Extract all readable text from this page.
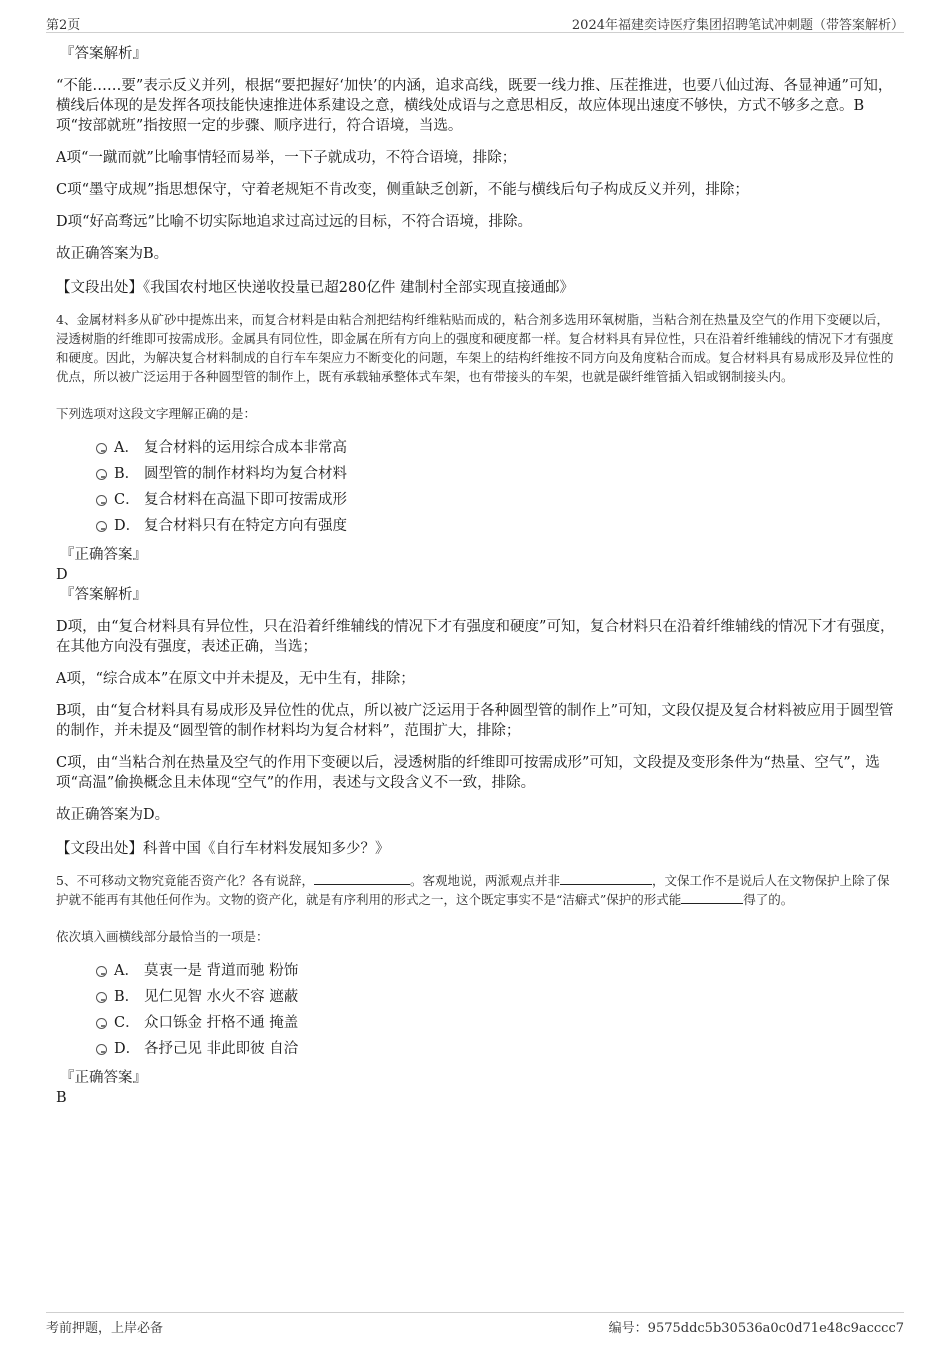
第2页	2024年福建奕诗医疗集团招聘笔试冲刺题（带答案解析）

『答案解析』

“不能……要”表示反义并列，根据“要把握好‘加快’的内涵，追求高线，既要一线力推、压茬推进，也要八仙过海、各显神通”可知，横线后体现的是发挥各项技能快速推进体系建设之意，横线处成语与之意思相反，故应体现出速度不够快，方式不够多之意。B项“按部就班”指按照一定的步骤、顺序进行，符合语境，当选。

A项“一蹴而就”比喻事情轻而易举，一下子就成功，不符合语境，排除；

C项“墨守成规”指思想保守，守着老规矩不肯改变，侧重缺乏创新，不能与横线后句子构成反义并列，排除；

D项“好高骛远”比喻不切实际地追求过高过远的目标，不符合语境，排除。

故正确答案为B。

【文段出处】《我国农村地区快递收投量已超280亿件 建制村全部实现直接通邮》

4、金属材料多从矿砂中提炼出来，而复合材料是由粘合剂把结构纤维粘贴而成的，粘合剂多选用环氧树脂，当粘合剂在热量及空气的作用下变硬以后，浸透树脂的纤维即可按需成形。金属具有同位性，即金属在所有方向上的强度和硬度都一样。复合材料具有异位性，只在沿着纤维辅线的情况下才有强度和硬度。因此，为解决复合材料制成的自行车车架应力不断变化的问题，车架上的结构纤维按不同方向及角度粘合而成。复合材料具有易成形及异位性的优点，所以被广泛运用于各种圆型管的制作上，既有承载轴承整体式车架，也有带接头的车架，也就是碳纤维管插入铝或钢制接头内。

下列选项对这段文字理解正确的是：

A． 复合材料的运用综合成本非常高
B． 圆型管的制作材料均为复合材料
C． 复合材料在高温下即可按需成形
D． 复合材料只有在特定方向有强度

『正确答案』

D

『答案解析』

D项，由“复合材料具有异位性，只在沿着纤维辅线的情况下才有强度和硬度”可知，复合材料只在沿着纤维辅线的情况下才有强度，在其他方向没有强度，表述正确，当选；

A项，“综合成本”在原文中并未提及，无中生有，排除；

B项，由“复合材料具有易成形及异位性的优点，所以被广泛运用于各种圆型管的制作上”可知，文段仅提及复合材料被应用于圆型管的制作，并未提及“圆型管的制作材料均为复合材料”，范围扩大，排除；

C项，由“当粘合剂在热量及空气的作用下变硬以后，浸透树脂的纤维即可按需成形”可知，文段提及变形条件为“热量、空气”，选项“高温”偷换概念且未体现“空气”的作用，表述与文段含义不一致，排除。

故正确答案为D。

【文段出处】科普中国《自行车材料发展知多少？》

5、不可移动文物究竟能否资产化？各有说辞，	。客观地说，两派观点并非	，文保工作不是说后人在文物保护上除了保护就不能再有其他任何作为。文物的资产化，就是有序利用的形式之一，这个既定事实不是“洁癖式”保护的形式能	得了的。

依次填入画横线部分最恰当的一项是：

A． 莫衷一是 背道而驰 粉饰
B． 见仁见智 水火不容 遮蔽
C． 众口铄金 扞格不通 掩盖
D． 各抒己见 非此即彼 自洽

『正确答案』

B

考前押题，上岸必备	编号：9575ddc5b30536a0c0d71e48c9acccc7
